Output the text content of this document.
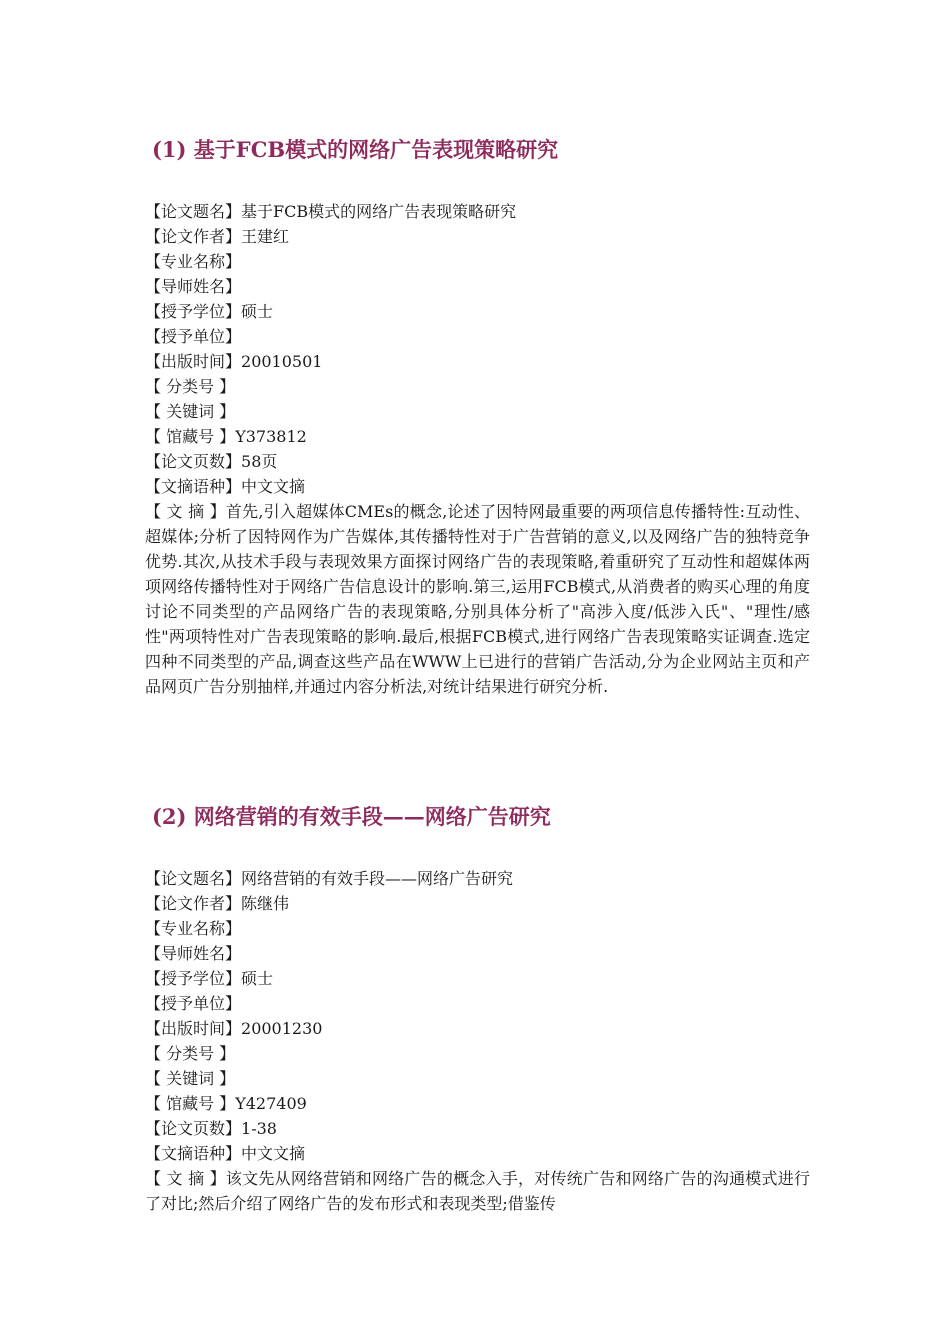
(1) 基于FCB模式的网络广告表现策略研究
【论文题名】基于FCB模式的网络广告表现策略研究
【论文作者】王建红
【专业名称】
【导师姓名】
【授予学位】硕士
【授予单位】
【出版时间】20010501
【 分类号 】
【 关键词 】
【 馆藏号 】Y373812
【论文页数】58页
【文摘语种】中文文摘

【 文 摘 】首先,引入超媒体CMEs的概念,论述了因特网最重要的两项信息传播特性:互动性、超媒体;分析了因特网作为广告媒体,其传播特性对于广告营销的意义,以及网络广告的独特竞争优势.其次,从技术手段与表现效果方面探讨网络广告的表现策略,着重研究了互动性和超媒体两项网络传播特性对于网络广告信息设计的影响.第三,运用FCB模式,从消费者的购买心理的角度讨论不同类型的产品网络广告的表现策略,分别具体分析了"高涉入度/低涉入氏"、"理性/感性"两项特性对广告表现策略的影响.最后,根据FCB模式,进行网络广告表现策略实证调查.选定四种不同类型的产品,调查这些产品在WWW上已进行的营销广告活动,分为企业网站主页和产品网页广告分别抽样,并通过内容分析法,对统计结果进行研究分析.

(2) 网络营销的有效手段——网络广告研究
【论文题名】网络营销的有效手段——网络广告研究
【论文作者】陈继伟
【专业名称】
【导师姓名】
【授予学位】硕士
【授予单位】
【出版时间】20001230
【 分类号 】
【 关键词 】
【 馆藏号 】Y427409
【论文页数】1-38
【文摘语种】中文文摘

【 文 摘 】该文先从网络营销和网络广告的概念入手，对传统广告和网络广告的沟通模式进行了对比;然后介绍了网络广告的发布形式和表现类型;借鉴传
